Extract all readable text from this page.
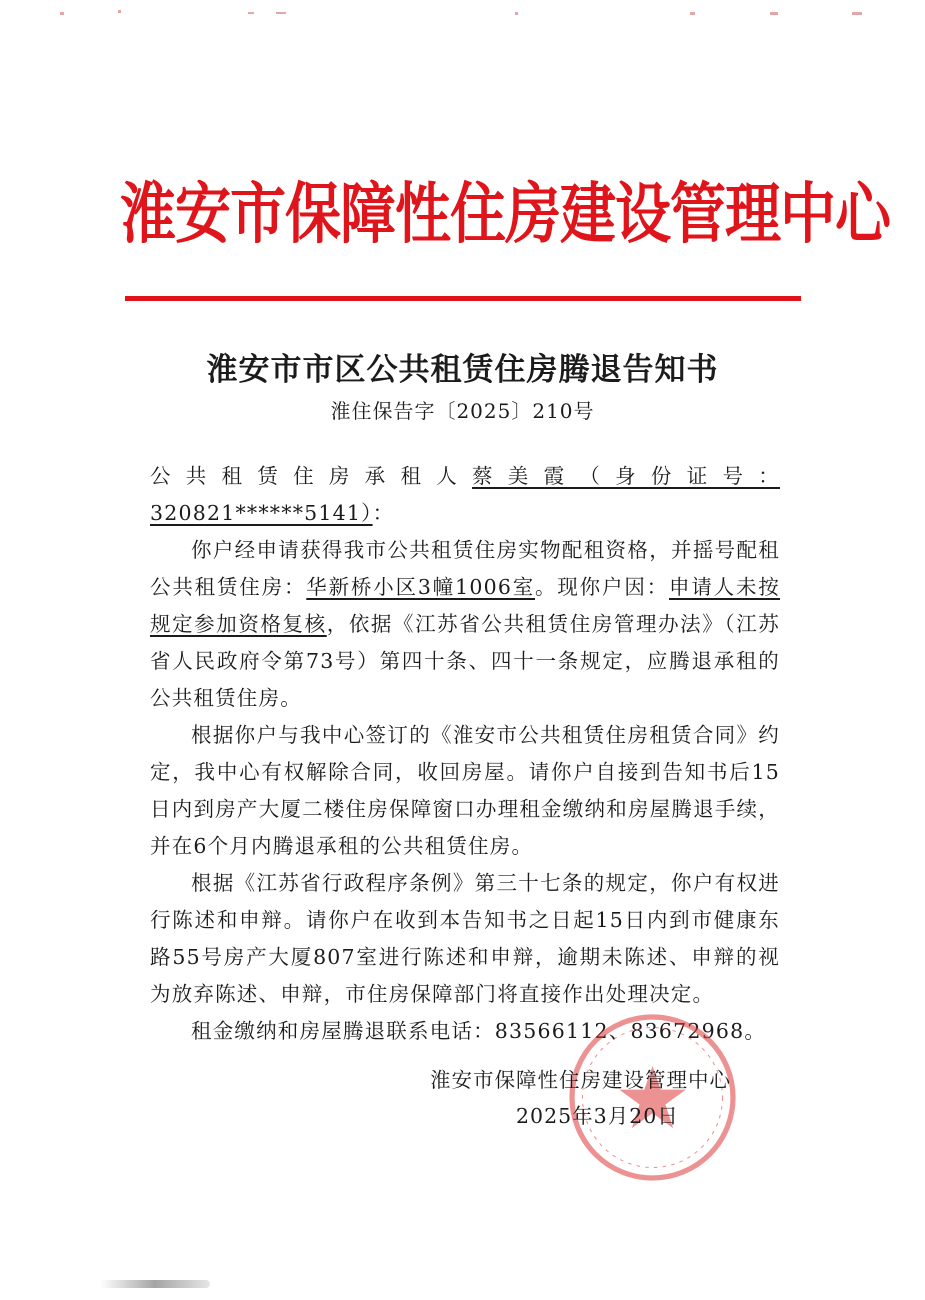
淮安市保障性住房建设管理中心
淮安市市区公共租赁住房腾退告知书
淮住保告字〔2025〕210号

公共租赁住房承租人蔡美霞（身份证号：320821******5141）：

你户经申请获得我市公共租赁住房实物配租资格，并摇号配租公共租赁住房：华新桥小区3幢1006室。现你户因：申请人未按规定参加资格复核，依据《江苏省公共租赁住房管理办法》（江苏省人民政府令第73号）第四十条、四十一条规定，应腾退承租的公共租赁住房。

根据你户与我中心签订的《淮安市公共租赁住房租赁合同》约定，我中心有权解除合同，收回房屋。请你户自接到告知书后15日内到房产大厦二楼住房保障窗口办理租金缴纳和房屋腾退手续，并在6个月内腾退承租的公共租赁住房。

根据《江苏省行政程序条例》第三十七条的规定，你户有权进行陈述和申辩。请你户在收到本告知书之日起15日内到市健康东路55号房产大厦807室进行陈述和申辩，逾期未陈述、申辩的视为放弃陈述、申辩，市住房保障部门将直接作出处理决定。

租金缴纳和房屋腾退联系电话：83566112、83672968。

淮安市保障性住房建设管理中心
2025年3月20日
